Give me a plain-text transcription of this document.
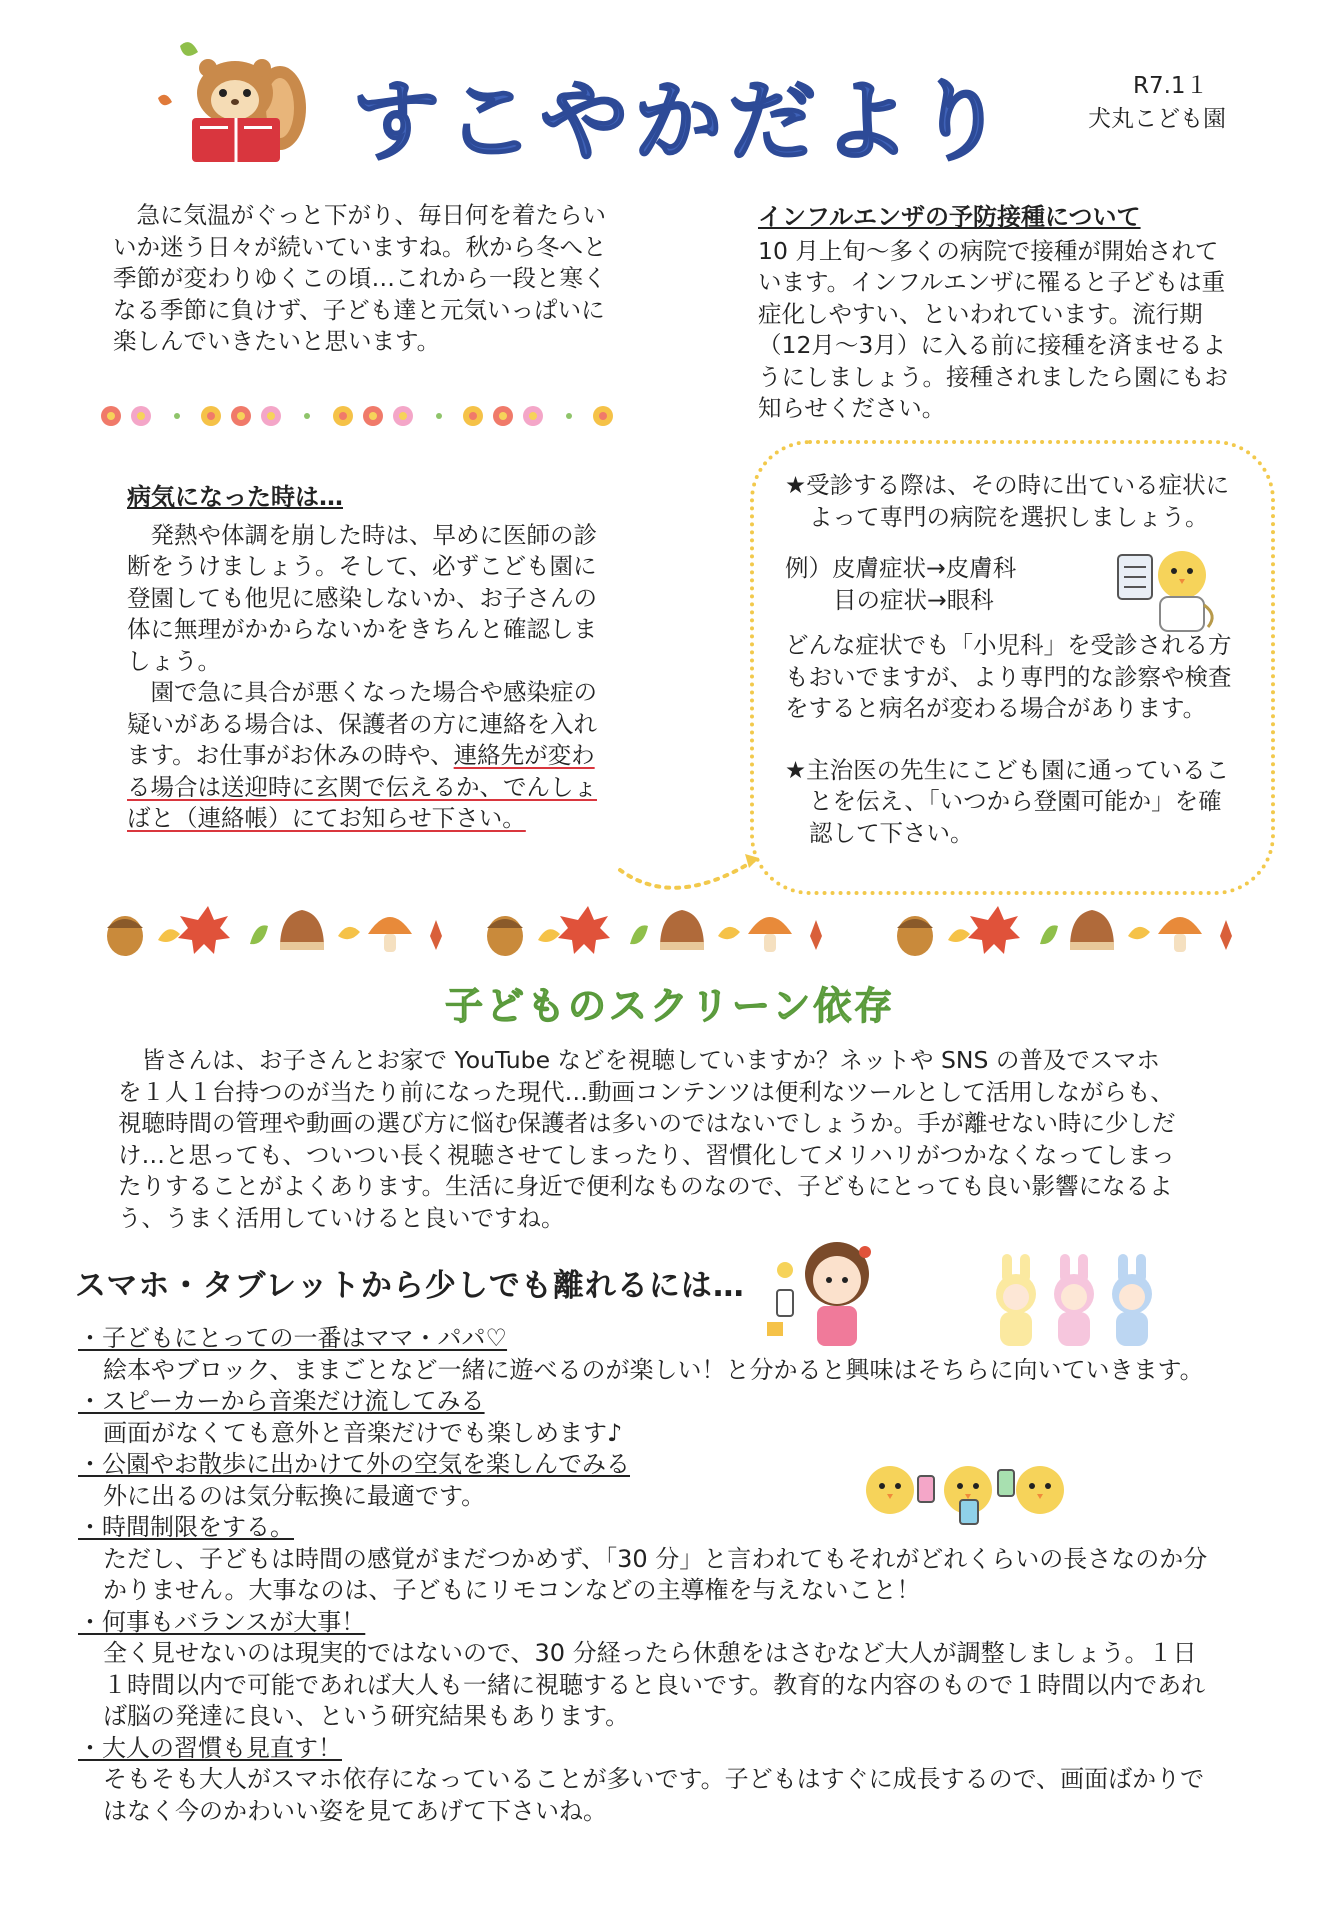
すこやかだより	R7.1１
犬丸こども園

急に気温がぐっと下がり、毎日何を着たらい

いか迷う日々が続いていますね。秋から冬へと

季節が変わりゆくこの頃…これから一段と寒く

なる季節に負けず、子ども達と元気いっぱいに

楽しんでいきたいと思います。

病気になった時は…

発熱や体調を崩した時は、早めに医師の診

断をうけましょう。そして、必ずこども園に

登園しても他児に感染しないか、お子さんの

体に無理がかからないかをきちんと確認しま

しょう。

園で急に具合が悪くなった場合や感染症の

疑いがある場合は、保護者の方に連絡を入れ

ます。お仕事がお休みの時や、連絡先が変わ

る場合は送迎時に玄関で伝えるか、でんしょ

ばと（連絡帳）にてお知らせ下さい。

インフルエンザの予防接種について

10 月上旬～多くの病院で接種が開始されて

います。インフルエンザに罹ると子どもは重

症化しやすい、といわれています。流行期

（12月～3月）に入る前に接種を済ませるよ

うにしましょう。接種されましたら園にもお

知らせください。

★受診する際は、その時に出ている症状に

よって専門の病院を選択しましょう。

例）皮膚症状→皮膚科

目の症状→眼科

どんな症状でも「小児科」を受診される方

もおいでますが、より専門的な診察や検査

をすると病名が変わる場合があります。

★主治医の先生にこども園に通っているこ

とを伝え、「いつから登園可能か」を確

認して下さい。

子どものスクリーン依存

皆さんは、お子さんとお家で YouTube などを視聴していますか？ネットや SNS の普及でスマホ

を１人１台持つのが当たり前になった現代…動画コンテンツは便利なツールとして活用しながらも、

視聴時間の管理や動画の選び方に悩む保護者は多いのではないでしょうか。手が離せない時に少しだ

け…と思っても、ついつい長く視聴させてしまったり、習慣化してメリハリがつかなくなってしまっ

たりすることがよくあります。生活に身近で便利なものなので、子どもにとっても良い影響になるよ

う、うまく活用していけると良いですね。

スマホ・タブレットから少しでも離れるには…
・子どもにとっての一番はママ・パパ♡
絵本やブロック、ままごとなど一緒に遊べるのが楽しい！と分かると興味はそちらに向いていきます。
・スピーカーから音楽だけ流してみる
画面がなくても意外と音楽だけでも楽しめます♪
・公園やお散歩に出かけて外の空気を楽しんでみる
外に出るのは気分転換に最適です。
・時間制限をする。
ただし、子どもは時間の感覚がまだつかめず、「30 分」と言われてもそれがどれくらいの長さなのか分
かりません。大事なのは、子どもにリモコンなどの主導権を与えないこと！
・何事もバランスが大事！
全く見せないのは現実的ではないので、30 分経ったら休憩をはさむなど大人が調整しましょう。１日
１時間以内で可能であれば大人も一緒に視聴すると良いです。教育的な内容のもので１時間以内であれ
ば脳の発達に良い、という研究結果もあります。
・大人の習慣も見直す！
そもそも大人がスマホ依存になっていることが多いです。子どもはすぐに成長するので、画面ばかりで
はなく今のかわいい姿を見てあげて下さいね。
